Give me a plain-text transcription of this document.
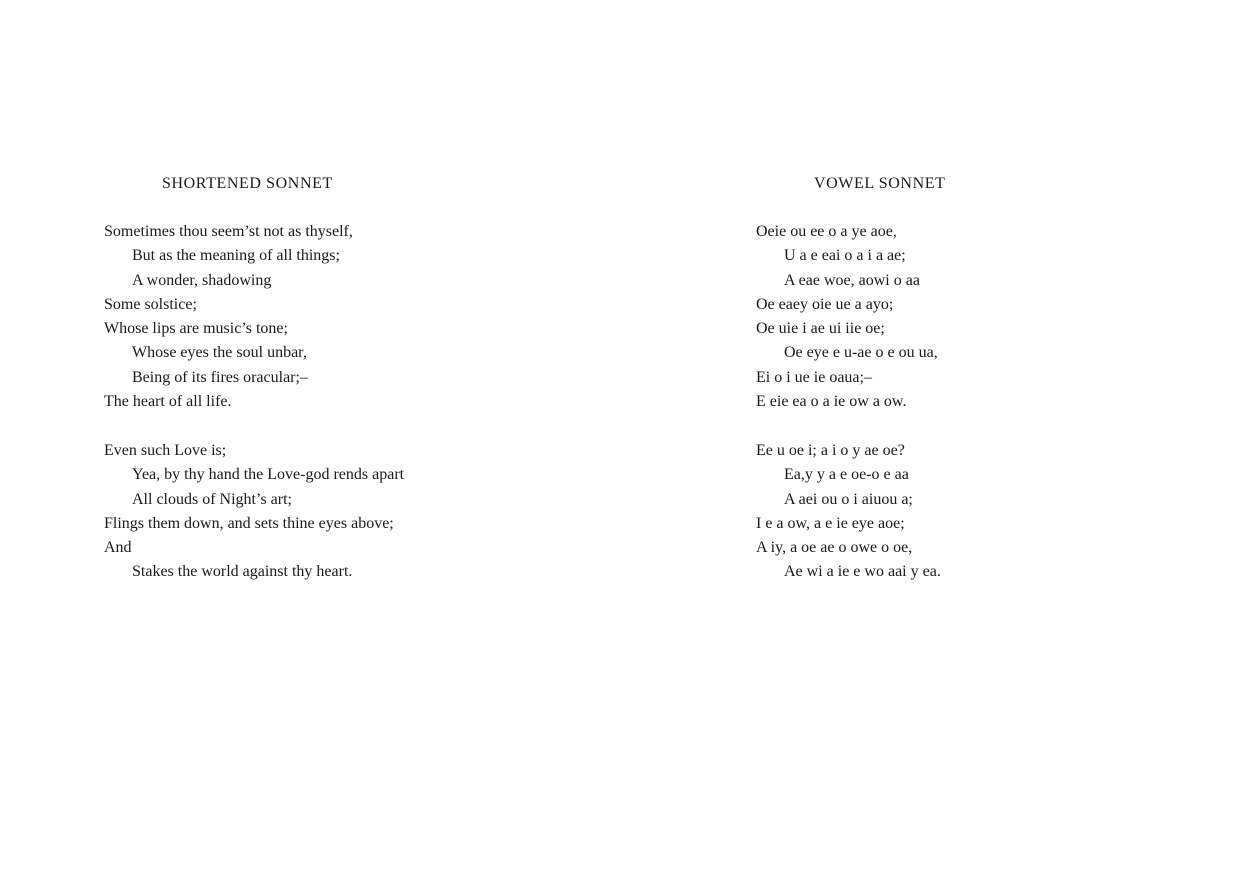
SHORTENED SONNET
Sometimes thou seem’st not as thyself,
But as the meaning of all things;
A wonder, shadowing
Some solstice;
Whose lips are music’s tone;
Whose eyes the soul unbar,
Being of its fires oracular;–
The heart of all life.
Even such Love is;
Yea, by thy hand the Love-god rends apart
All clouds of Night’s art;
Flings them down, and sets thine eyes above;
And
Stakes the world against thy heart.
VOWEL SONNET
Oeie ou ee o a ye aoe,
U a e eai o a i a ae;
A eae woe, aowi o aa
Oe eaey oie ue a ayo;
Oe uie i ae ui iie oe;
Oe eye e u-ae o e ou ua,
Ei o i ue ie oaua;–
E eie ea o a ie ow a ow.
Ee u oe i; a i o y ae oe?
Ea,y y a e oe-o e aa
A aei ou o i aiuou a;
I e a ow, a e ie eye aoe;
A iy, a oe ae o owe o oe,
Ae wi a ie e wo aai y ea.
